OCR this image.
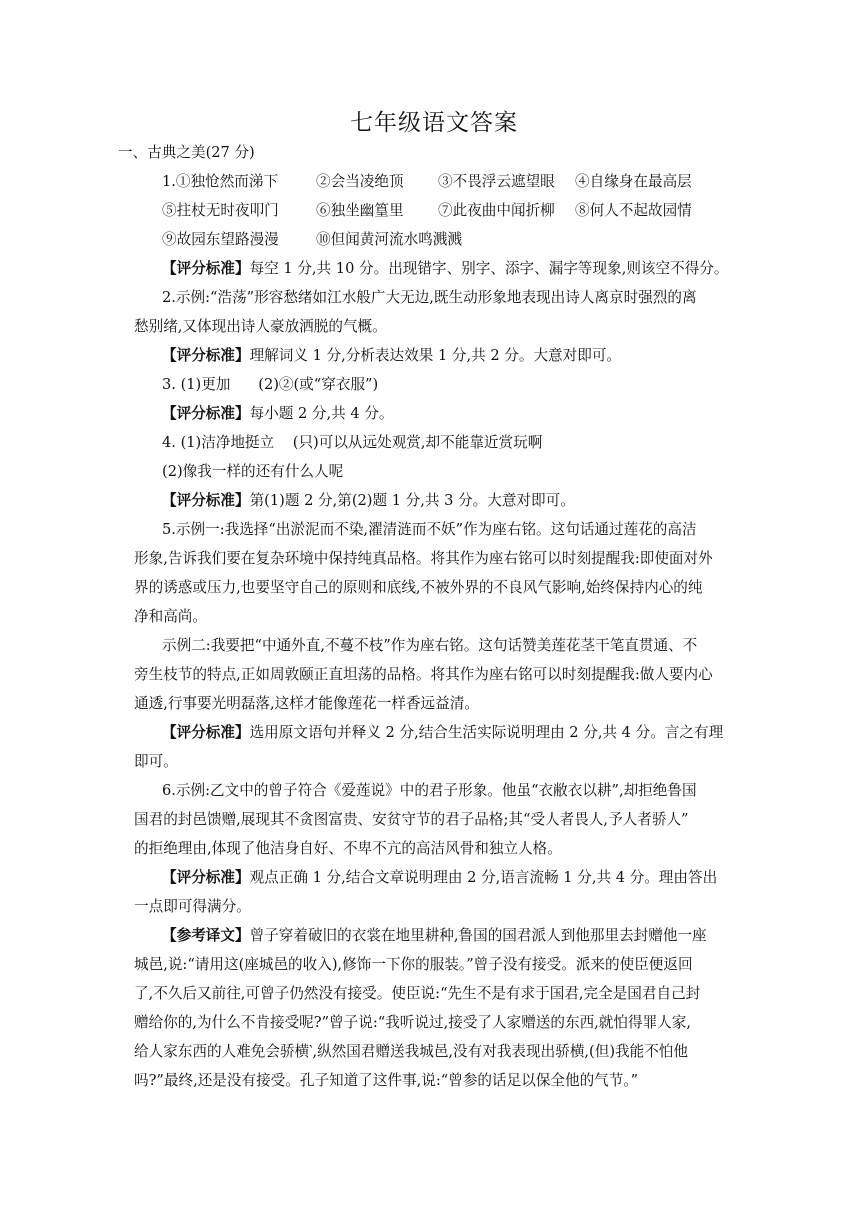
七年级语文答案
一、古典之美(27 分)
1.①独怆然而涕下	②会当凌绝顶 ③不畏浮云遮望眼 ④自缘身在最高层
⑤拄杖无时夜叩门	⑥独坐幽篁里 ⑦此夜曲中闻折柳 ⑧何人不起故园情
⑨故园东望路漫漫	⑩但闻黄河流水鸣溅溅
【评分标准】每空 1 分,共 10 分。出现错字、别字、添字、漏字等现象,则该空不得分。
2.示例:“浩荡”形容愁绪如江水般广大无边,既生动形象地表现出诗人离京时强烈的离
愁别绪,又体现出诗人豪放洒脱的气概。
【评分标准】理解词义 1 分,分析表达效果 1 分,共 2 分。大意对即可。
3. (1)更加      (2)②(或“穿衣服”)
【评分标准】每小题 2 分,共 4 分。
4. (1)洁净地挺立    (只)可以从远处观赏,却不能靠近赏玩啊
(2)像我一样的还有什么人呢
【评分标准】第(1)题 2 分,第(2)题 1 分,共 3 分。大意对即可。
5.示例一:我选择“出淤泥而不染,濯清涟而不妖”作为座右铭。这句话通过莲花的高洁
形象,告诉我们要在复杂环境中保持纯真品格。将其作为座右铭可以时刻提醒我:即使面对外
界的诱惑或压力,也要坚守自己的原则和底线,不被外界的不良风气影响,始终保持内心的纯
净和高尚。
示例二:我要把“中通外直,不蔓不枝”作为座右铭。这句话赞美莲花茎干笔直贯通、不
旁生枝节的特点,正如周敦颐正直坦荡的品格。将其作为座右铭可以时刻提醒我:做人要内心
通透,行事要光明磊落,这样才能像莲花一样香远益清。
【评分标准】选用原文语句并释义 2 分,结合生活实际说明理由 2 分,共 4 分。言之有理
即可。
6.示例:乙文中的曾子符合《爱莲说》中的君子形象。他虽“衣敝衣以耕”,却拒绝鲁国
国君的封邑馈赠,展现其不贪图富贵、安贫守节的君子品格;其“受人者畏人,予人者骄人”
的拒绝理由,体现了他洁身自好、不卑不亢的高洁风骨和独立人格。
【评分标准】观点正确 1 分,结合文章说明理由 2 分,语言流畅 1 分,共 4 分。理由答出
一点即可得满分。
【参考译文】曾子穿着破旧的衣裳在地里耕种,鲁国的国君派人到他那里去封赠他一座
城邑,说:“请用这(座城邑的收入),修饰一下你的服装。”曾子没有接受。派来的使臣便返回
了,不久后又前往,可曾子仍然没有接受。使臣说:“先生不是有求于国君,完全是国君自己封
赠给你的,为什么不肯接受呢?”曾子说:“我听说过,接受了人家赠送的东西,就怕得罪人家,
给人家东西的人难免会骄横‵,纵然国君赠送我城邑,没有对我表现出骄横,(但)我能不怕他
吗?”最终,还是没有接受。孔子知道了这件事,说:“曾参的话足以保全他的气节。”
